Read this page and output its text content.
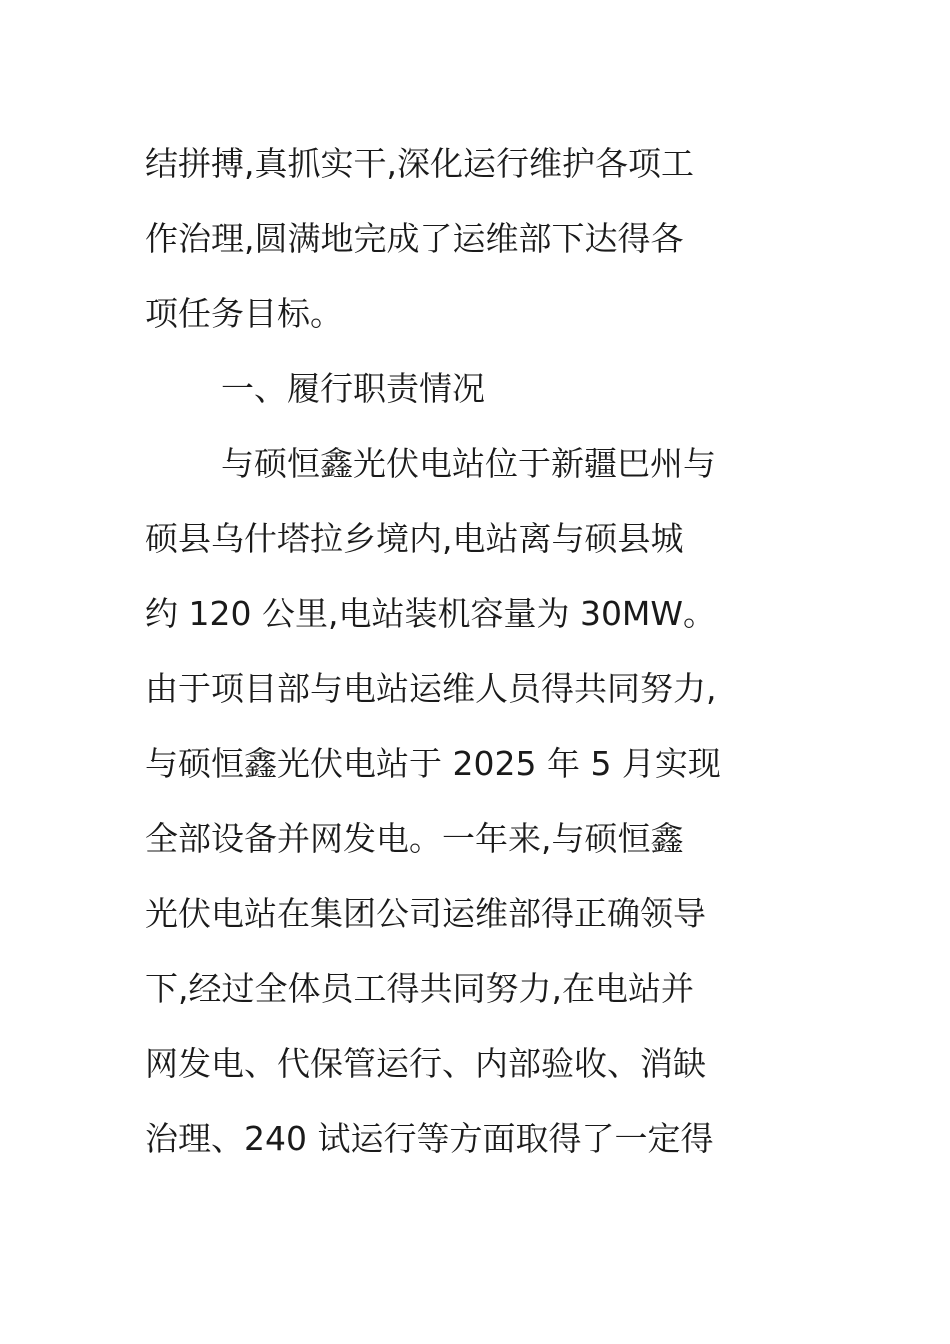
结拼搏,真抓实干,深化运行维护各项工
作治理,圆满地完成了运维部下达得各
项任务目标。
一、履行职责情况
与硕恒鑫光伏电站位于新疆巴州与
硕县乌什塔拉乡境内,电站离与硕县城
约 120 公里,电站装机容量为 30MW。
由于项目部与电站运维人员得共同努力,
与硕恒鑫光伏电站于 2025 年 5 月实现
全部设备并网发电。一年来,与硕恒鑫
光伏电站在集团公司运维部得正确领导
下,经过全体员工得共同努力,在电站并
网发电、代保管运行、内部验收、消缺
治理、240 试运行等方面取得了一定得
